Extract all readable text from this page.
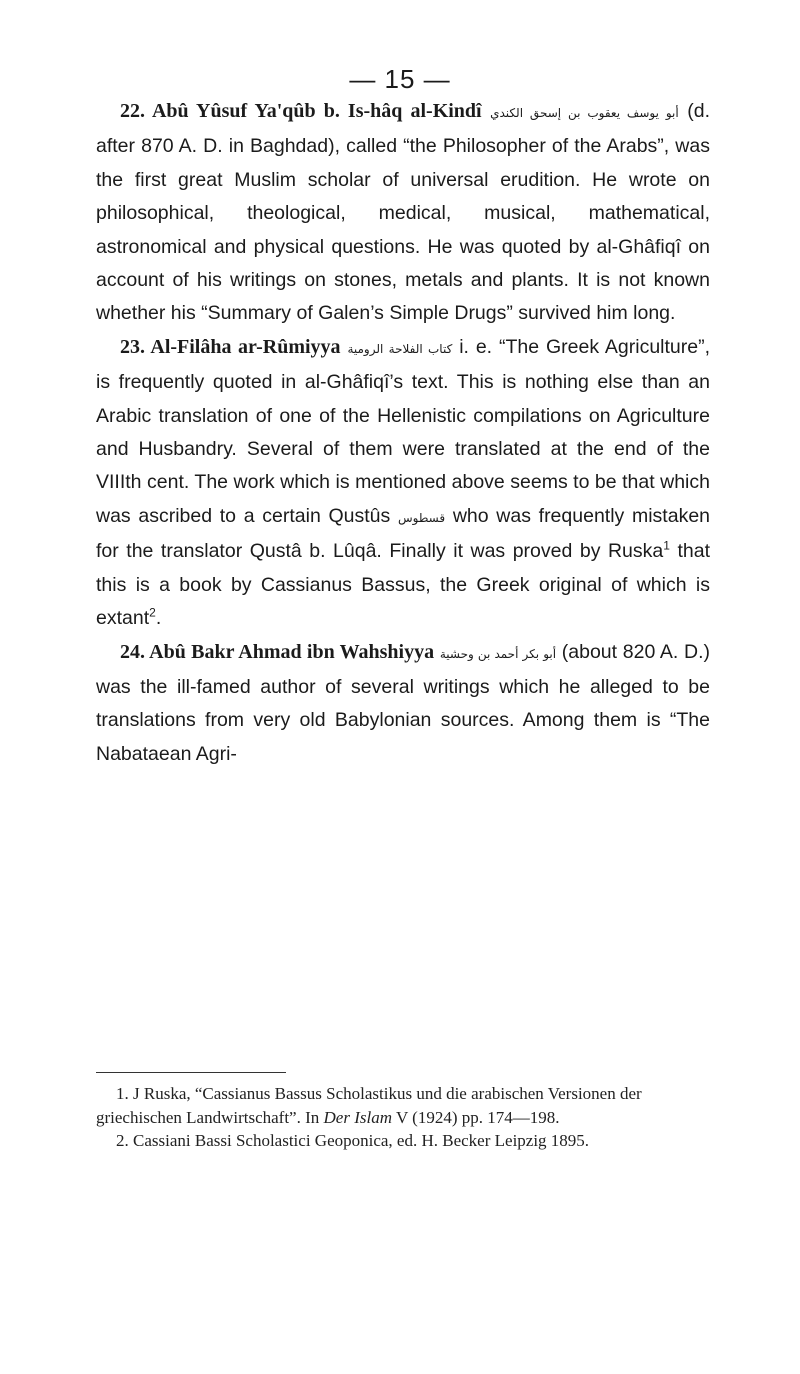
— 15 —

22. Abû Yûsuf Ya'qûb b. Is-hâq al-Kindî أبو يوسف يعقوب بن إسحق الكندي (d. after 870 A. D. in Baghdad), called “the Philosopher of the Arabs”, was the first great Muslim scholar of universal erudition. He wrote on philosophical, theological, medical, musical, mathematical, astronomical and physical questions. He was quoted by al-Ghâfiqî on account of his writings on stones, metals and plants. It is not known whether his “Summary of Galen’s Simple Drugs” survived him long.

23. Al-Filâha ar-Rûmiyya كتاب الفلاحة الرومية i. e. “The Greek Agriculture”, is frequently quoted in al-Ghâfiqî’s text. This is nothing else than an Arabic translation of one of the Hellenistic compilations on Agriculture and Husbandry. Several of them were translated at the end of the VIIIth cent. The work which is mentioned above seems to be that which was ascribed to a certain Qustûs قسطوس who was frequently mistaken for the translator Qustâ b. Lûqâ. Finally it was proved by Ruska$^1$ that this is a book by Cassianus Bassus, the Greek original of which is extant$^2$.

24. Abû Bakr Ahmad ibn Wahshiyya أبو بكر أحمد بن وحشية (about 820 A. D.) was the ill-famed author of several writings which he alleged to be translations from very old Babylonian sources. Among them is “The Nabataean Agri-

1. J Ruska, “Cassianus Bassus Scholastikus und die arabischen Versionen der griechischen Landwirtschaft”. In Der Islam V (1924) pp. 174—198.

2. Cassiani Bassi Scholastici Geoponica, ed. H. Becker Leipzig 1895.
